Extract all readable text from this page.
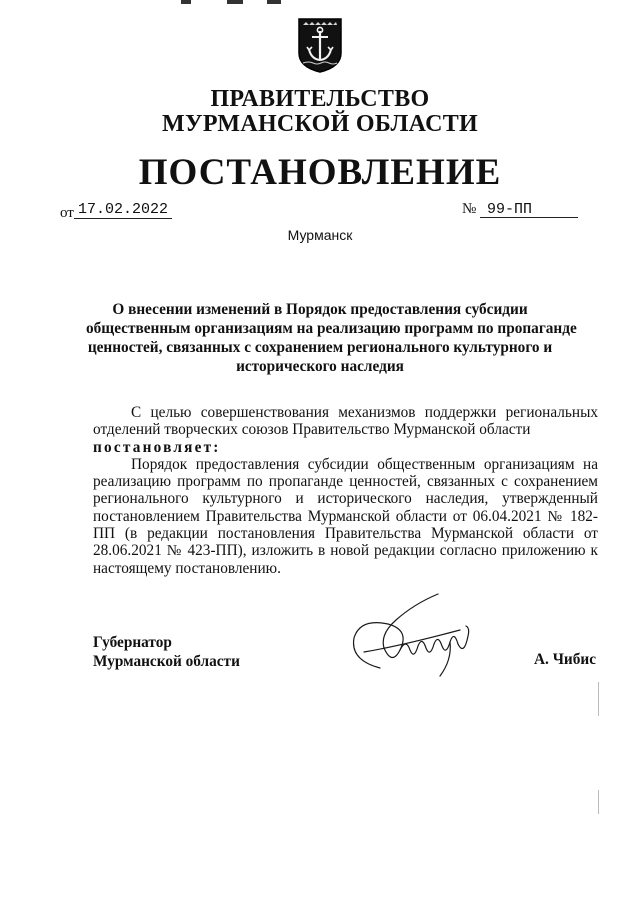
ПРАВИТЕЛЬСТВО
МУРМАНСКОЙ ОБЛАСТИ
ПОСТАНОВЛЕНИЕ
от 17.02.2022	№ 99-ПП
Мурманск
О внесении изменений в Порядок предоставления субсидии
общественным организациям на реализацию программ по пропаганде
ценностей, связанных с сохранением регионального культурного и
исторического наследия

С целью совершенствования механизмов поддержки региональных отделений творческих союзов Правительство Мурманской области

постановляет:

Порядок предоставления субсидии общественным организациям на реализацию программ по пропаганде ценностей, связанных с сохранением регионального культурного и исторического наследия, утвержденный постановлением Правительства Мурманской области от 06.04.2021 № 182-ПП (в редакции постановления Правительства Мурманской области от 28.06.2021 № 423-ПП), изложить в новой редакции согласно приложению к настоящему постановлению.

Губернатор
Мурманской области	А. Чибис
